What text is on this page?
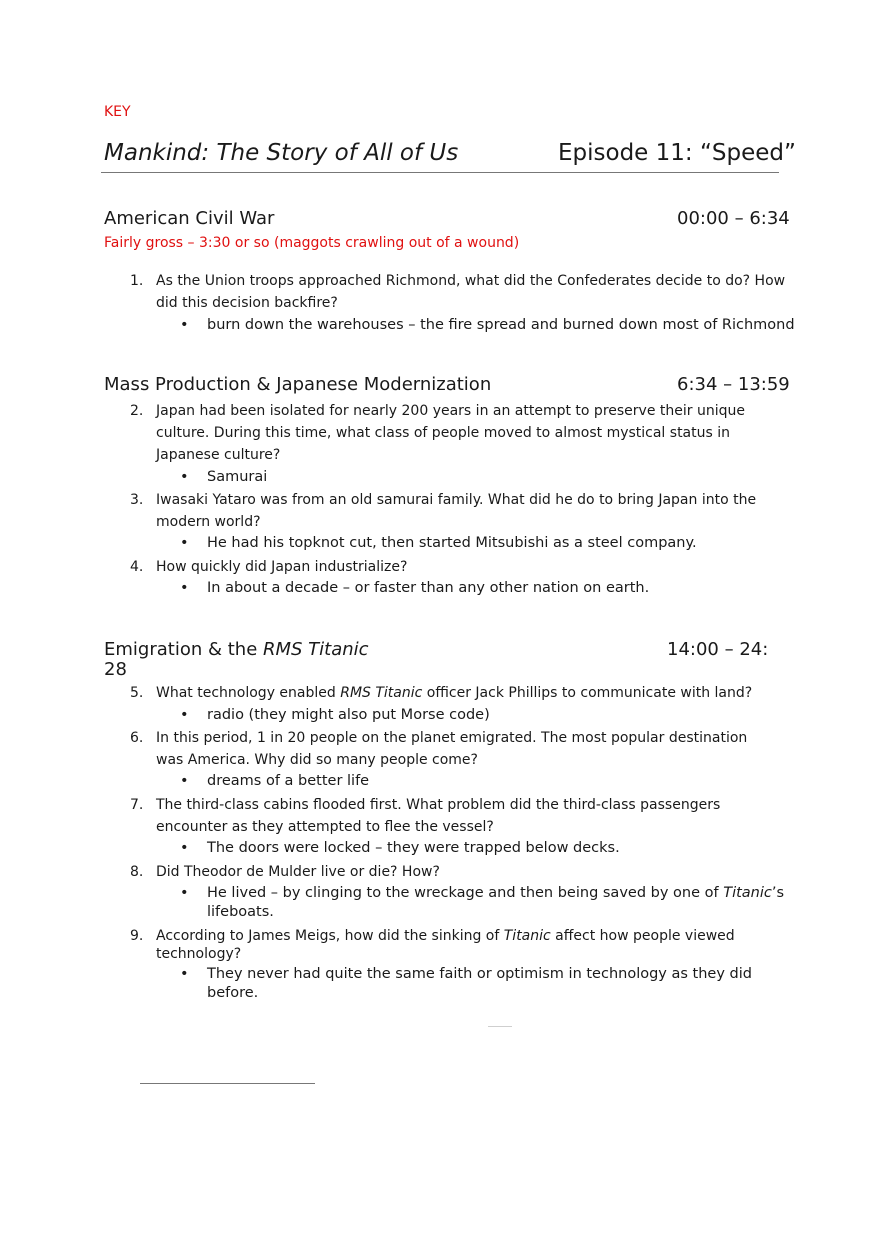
KEY
Mankind: The Story of All of Us	Episode 11: “Speed”
American Civil War	00:00 – 6:34
Fairly gross – 3:30 or so (maggots crawling out of a wound)
1. As the Union troops approached Richmond, what did the Confederates decide to do? How
did this decision backfire?
• burn down the warehouses – the fire spread and burned down most of Richmond
Mass Production & Japanese Modernization	6:34 – 13:59
2. Japan had been isolated for nearly 200 years in an attempt to preserve their unique
culture. During this time, what class of people moved to almost mystical status in
Japanese culture?
• Samurai
3. Iwasaki Yataro was from an old samurai family. What did he do to bring Japan into the
modern world?
• He had his topknot cut, then started Mitsubishi as a steel company.
4. How quickly did Japan industrialize?
• In about a decade – or faster than any other nation on earth.
Emigration & the RMS Titanic	14:00 – 24:
28
5. What technology enabled RMS Titanic officer Jack Phillips to communicate with land?
• radio (they might also put Morse code)
6. In this period, 1 in 20 people on the planet emigrated. The most popular destination
was America. Why did so many people come?
• dreams of a better life
7. The third-class cabins flooded first. What problem did the third-class passengers
encounter as they attempted to flee the vessel?
• The doors were locked – they were trapped below decks.
8. Did Theodor de Mulder live or die? How?
• He lived – by clinging to the wreckage and then being saved by one of Titanic’s
lifeboats.
9. According to James Meigs, how did the sinking of Titanic affect how people viewed
technology?
• They never had quite the same faith or optimism in technology as they did
before.
